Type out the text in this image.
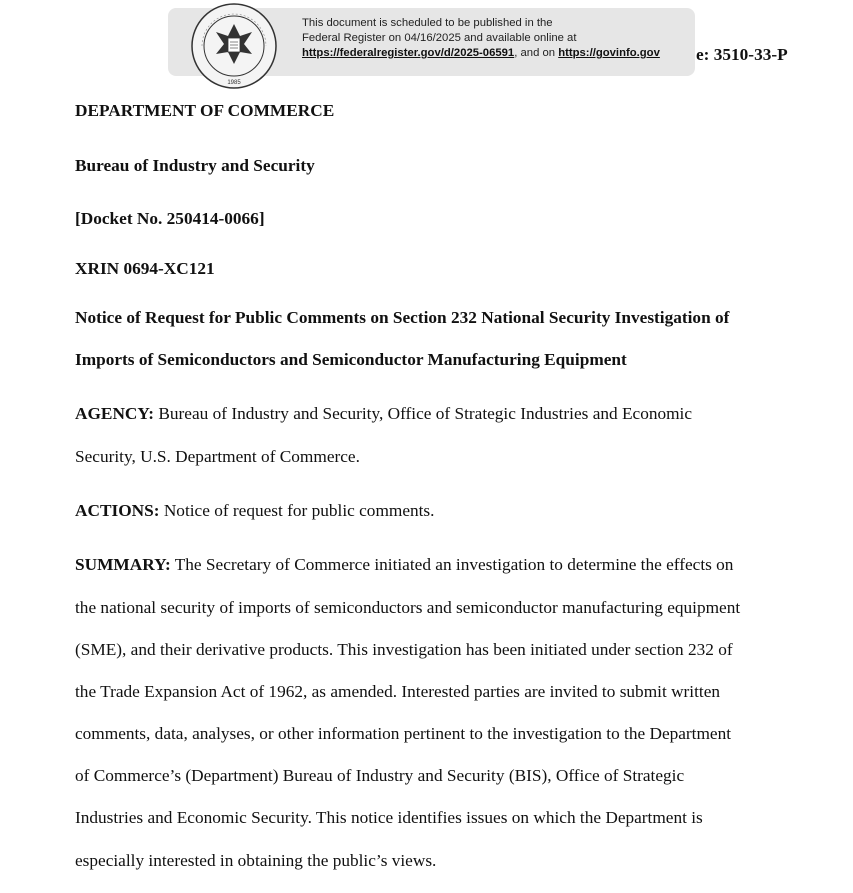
1985
This document is scheduled to be published in the
Federal Register on 04/16/2025 and available online at
https://federalregister.gov/d/2025-06591, and on https://govinfo.gov e: 3510-33-P
DEPARTMENT OF COMMERCE
Bureau of Industry and Security
[Docket No. 250414-0066]
XRIN 0694-XC121
Notice of Request for Public Comments on Section 232 National Security Investigation of
Imports of Semiconductors and Semiconductor Manufacturing Equipment
AGENCY: Bureau of Industry and Security, Office of Strategic Industries and Economic
Security, U.S. Department of Commerce.
ACTIONS: Notice of request for public comments.
SUMMARY: The Secretary of Commerce initiated an investigation to determine the effects on
the national security of imports of semiconductors and semiconductor manufacturing equipment
(SME), and their derivative products. This investigation has been initiated under section 232 of
the Trade Expansion Act of 1962, as amended. Interested parties are invited to submit written
comments, data, analyses, or other information pertinent to the investigation to the Department
of Commerce’s (Department) Bureau of Industry and Security (BIS), Office of Strategic
Industries and Economic Security. This notice identifies issues on which the Department is
especially interested in obtaining the public’s views.
